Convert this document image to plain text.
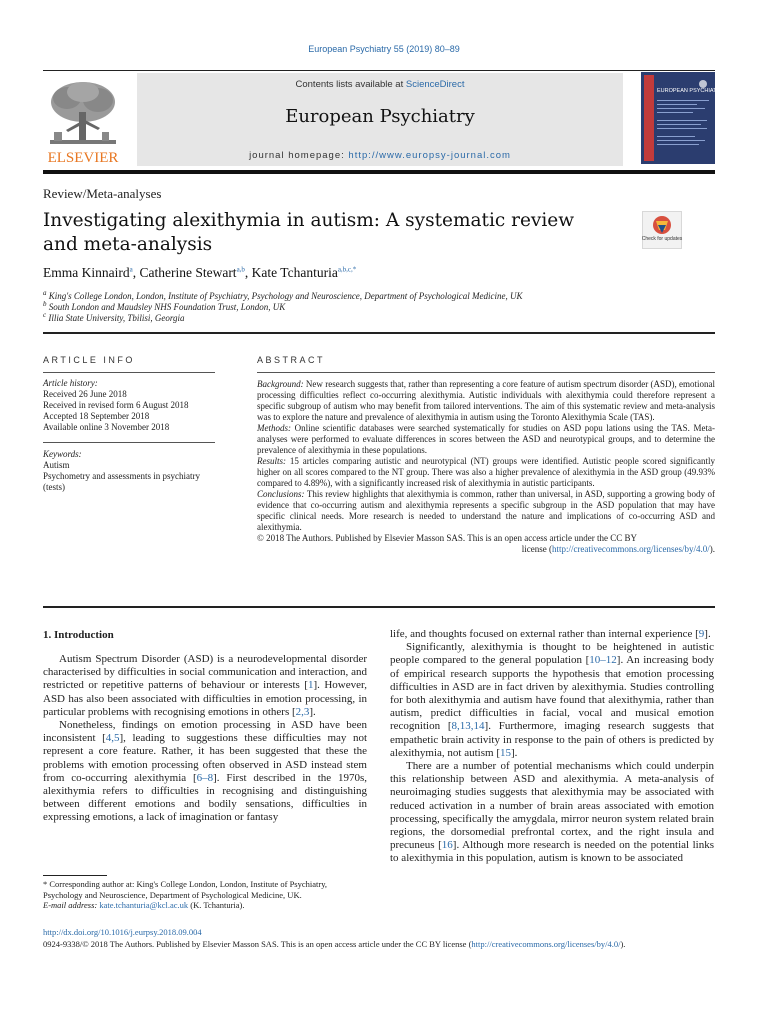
European Psychiatry 55 (2019) 80–89
ELSEVIER
Contents lists available at ScienceDirect
European Psychiatry
journal homepage: http://www.europsy-journal.com
EUROPEAN PSYCHIATRY
Review/Meta-analyses
Investigating alexithymia in autism: A systematic review and meta-analysis	Check for updates
Emma Kinnaird$^a$, Catherine Stewart$^{a,b}$, Kate Tchanturia$^{a,b,c,*}$
$^a$ King's College London, London, Institute of Psychiatry, Psychology and Neuroscience, Department of Psychological Medicine, UK
$^b$ South London and Maudsley NHS Foundation Trust, London, UK
$^c$ Illia State University, Tbilisi, Georgia
ARTICLE INFO
Article history:
Received 26 June 2018
Received in revised form 6 August 2018
Accepted 18 September 2018
Available online 3 November 2018
Keywords:
Autism
Psychometry and assessments in psychiatry (tests)
ABSTRACT

Background: New research suggests that, rather than representing a core feature of autism spectrum disorder (ASD), emotional processing difficulties reflect co-occurring alexithymia. Autistic individuals with alexithymia could therefore represent a specific subgroup of autism who may benefit from tailored interventions. The aim of this systematic review and meta-analysis was to explore the nature and prevalence of alexithymia in autism using the Toronto Alexithymia Scale (TAS).

Methods: Online scientific databases were searched systematically for studies on ASD popu lations using the TAS. Meta-analyses were performed to evaluate differences in scores between the ASD and neurotypical groups, and to determine the prevalence of alexithymia in these populations.

Results: 15 articles comparing autistic and neurotypical (NT) groups were identified. Autistic people scored significantly higher on all scores compared to the NT group. There was also a higher prevalence of alexithymia in the ASD group (49.93% compared to 4.89%), with a significantly increased risk of alexithymia in autistic participants.

Conclusions: This review highlights that alexithymia is common, rather than universal, in ASD, supporting a growing body of evidence that co-occurring autism and alexithymia represents a specific subgroup in the ASD population that may have specific clinical needs. More research is needed to understand the nature and implications of co-occurring ASD and alexithymia.

© 2018 The Authors. Published by Elsevier Masson SAS. This is an open access article under the CC BY

license (http://creativecommons.org/licenses/by/4.0/).

1. Introduction

Autism Spectrum Disorder (ASD) is a neurodevelopmental disorder characterised by difficulties in social communication and interaction, and restricted or repetitive patterns of behaviour or interests [1]. However, ASD has also been associated with difficulties in emotion processing, in particular problems with recognising emotions in others [2,3].

Nonetheless, findings on emotion processing in ASD have been inconsistent [4,5], leading to suggestions these difficulties may not represent a core feature. Rather, it has been suggested that these the problems with emotion processing often observed in ASD instead stem from co-occurring alexithymia [6–8]. First described in the 1970s, alexithymia refers to difficulties in recognising and distinguishing between different emotions and bodily sensations, difficulties in expressing emotions, a lack of imagination or fantasy

life, and thoughts focused on external rather than internal experience [9].

Significantly, alexithymia is thought to be heightened in autistic people compared to the general population [10–12]. An increasing body of empirical research supports the hypothesis that emotion processing difficulties in ASD are in fact driven by alexithymia. Studies controlling for both alexithymia and autism have found that alexithymia, rather than autism, predict difficulties in facial, vocal and musical emotion recognition [8,13,14]. Furthermore, imaging research suggests that empathetic brain activity in response to the pain of others is predicted by alexithymia, not autism [15].

There are a number of potential mechanisms which could underpin this relationship between ASD and alexithymia. A meta-analysis of neuroimaging studies suggests that alexithymia may be associated with reduced activation in a number of brain areas associated with emotion processing, specifically the amygdala, mirror neuron system related brain regions, the dorsomedial prefrontal cortex, and the right insula and precuneus [16]. Although more research is needed on the potential links to alexithymia in this population, autism is known to be associated

* Corresponding author at: King's College London, London, Institute of Psychiatry, Psychology and Neuroscience, Department of Psychological Medicine, UK.

E-mail address: kate.tchanturia@kcl.ac.uk (K. Tchanturia).

http://dx.doi.org/10.1016/j.eurpsy.2018.09.004
0924-9338/© 2018 The Authors. Published by Elsevier Masson SAS. This is an open access article under the CC BY license (http://creativecommons.org/licenses/by/4.0/).
